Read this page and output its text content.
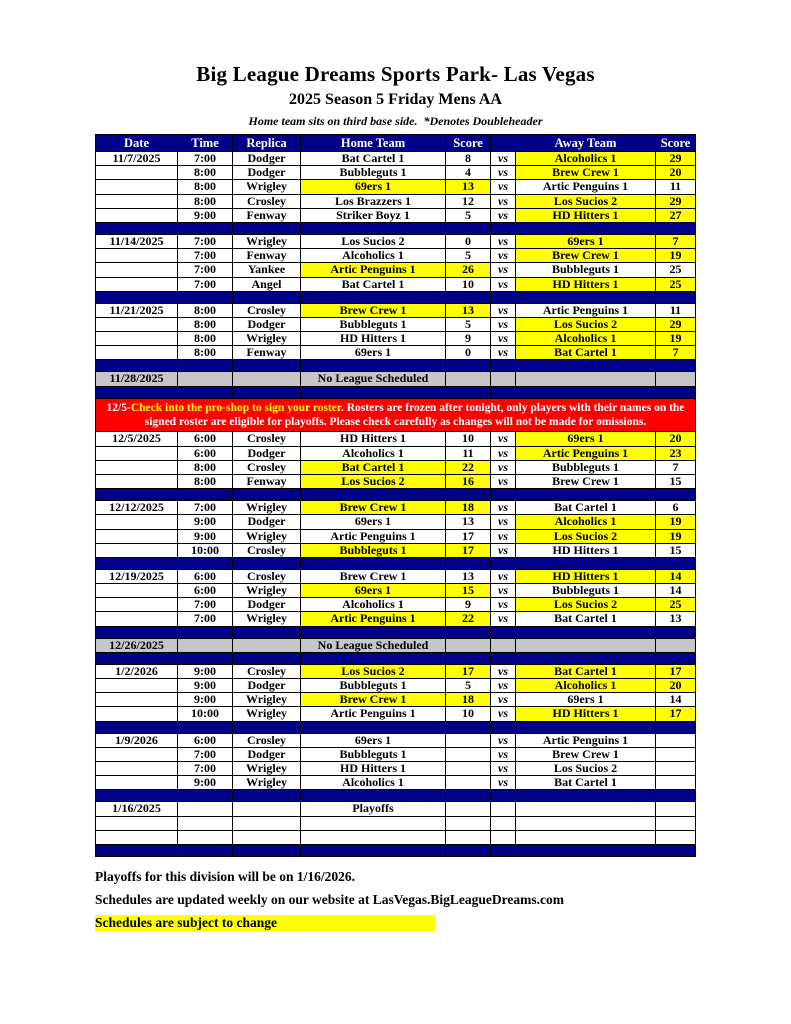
Big League Dreams Sports Park- Las Vegas
2025 Season 5 Friday Mens AA
Home team sits on third base side.  *Denotes Doubleheader
Date	Time	Replica	Home Team	Score		Away Team	Score
11/7/2025	7:00	Dodger	Bat Cartel 1	8	vs	Alcoholics 1	29
	8:00	Dodger	Bubbleguts 1	4	vs	Brew Crew 1	20
	8:00	Wrigley	69ers 1	13	vs	Artic Penguins 1	11
	8:00	Crosley	Los Brazzers 1	12	vs	Los Sucios 2	29
	9:00	Fenway	Striker Boyz 1	5	vs	HD Hitters 1	27

11/14/2025	7:00	Wrigley	Los Sucios 2	0	vs	69ers 1	7
	7:00	Fenway	Alcoholics 1	5	vs	Brew Crew 1	19
	7:00	Yankee	Artic Penguins 1	26	vs	Bubbleguts 1	25
	7:00	Angel	Bat Cartel 1	10	vs	HD Hitters 1	25

11/21/2025	8:00	Crosley	Brew Crew 1	13	vs	Artic Penguins 1	11
	8:00	Dodger	Bubbleguts 1	5	vs	Los Sucios 2	29
	8:00	Wrigley	HD Hitters 1	9	vs	Alcoholics 1	19
	8:00	Fenway	69ers 1	0	vs	Bat Cartel 1	7

11/28/2025			No League Scheduled				

12/5-Check into the pro-shop to sign your roster. Rosters are frozen after tonight, only players with their names on the signed roster are eligible for playoffs. Please check carefully as changes will not be made for omissions.							
12/5/2025	6:00	Crosley	HD Hitters 1	10	vs	69ers 1	20
	6:00	Dodger	Alcoholics 1	11	vs	Artic Penguins 1	23
	8:00	Crosley	Bat Cartel 1	22	vs	Bubbleguts 1	7
	8:00	Fenway	Los Sucios 2	16	vs	Brew Crew 1	15

12/12/2025	7:00	Wrigley	Brew Crew 1	18	vs	Bat Cartel 1	6
	9:00	Dodger	69ers 1	13	vs	Alcoholics 1	19
	9:00	Wrigley	Artic Penguins 1	17	vs	Los Sucios 2	19
	10:00	Crosley	Bubbleguts 1	17	vs	HD Hitters 1	15

12/19/2025	6:00	Crosley	Brew Crew 1	13	vs	HD Hitters 1	14
	6:00	Wrigley	69ers 1	15	vs	Bubbleguts 1	14
	7:00	Dodger	Alcoholics 1	9	vs	Los Sucios 2	25
	7:00	Wrigley	Artic Penguins 1	22	vs	Bat Cartel 1	13

12/26/2025			No League Scheduled				

1/2/2026	9:00	Crosley	Los Sucios 2	17	vs	Bat Cartel 1	17
	9:00	Dodger	Bubbleguts 1	5	vs	Alcoholics 1	20
	9:00	Wrigley	Brew Crew 1	18	vs	69ers 1	14
	10:00	Wrigley	Artic Penguins 1	10	vs	HD Hitters 1	17

1/9/2026	6:00	Crosley	69ers 1		vs	Artic Penguins 1	
	7:00	Dodger	Bubbleguts 1		vs	Brew Crew 1	
	7:00	Wrigley	HD Hitters 1		vs	Los Sucios 2	
	9:00	Wrigley	Alcoholics 1		vs	Bat Cartel 1	

1/16/2025			Playoffs				

Playoffs for this division will be on 1/16/2026.
Schedules are updated weekly on our website at LasVegas.BigLeagueDreams.com
Schedules are subject to change
